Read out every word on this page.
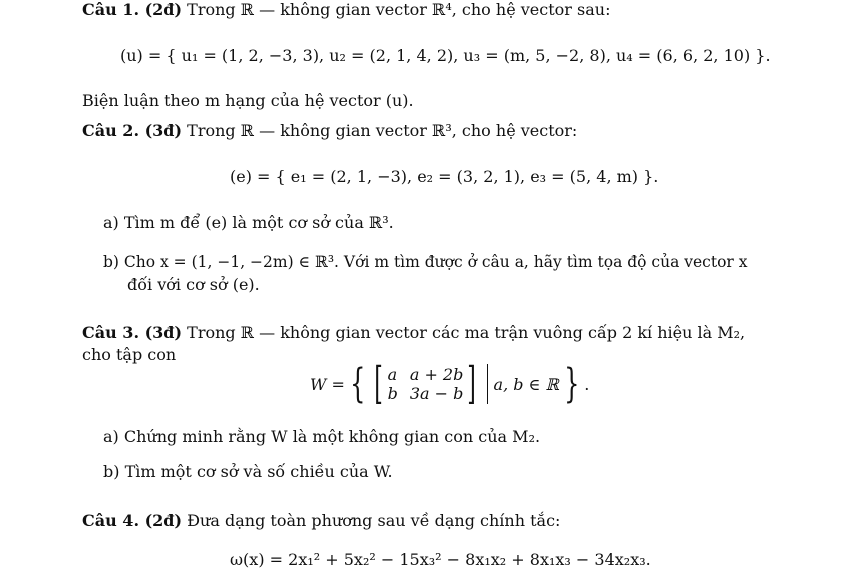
Câu 1. (2đ) Trong ℝ — không gian vector ℝ⁴, cho hệ vector sau:
(u) = { u₁ = (1, 2, −3, 3), u₂ = (2, 1, 4, 2), u₃ = (m, 5, −2, 8), u₄ = (6, 6, 2, 10) }.
Biện luận theo m hạng của hệ vector (u).
Câu 2. (3đ) Trong ℝ — không gian vector ℝ³, cho hệ vector:
(e) = { e₁ = (2, 1, −3), e₂ = (3, 2, 1), e₃ = (5, 4, m) }.
a) Tìm m để (e) là một cơ sở của ℝ³.
b) Cho x = (1, −1, −2m) ∈ ℝ³. Với m tìm được ở câu a, hãy tìm tọa độ của vector x
đối với cơ sở (e).
Câu 3. (3đ) Trong ℝ — không gian vector các ma trận vuông cấp 2 kí hiệu là M₂,
cho tập con
W = { [ a a + 2b
b 3a − b ] a, b ∈ ℝ } .
a) Chứng minh rằng W là một không gian con của M₂.
b) Tìm một cơ sở và số chiều của W.
Câu 4. (2đ) Đưa dạng toàn phương sau về dạng chính tắc:
ω(x) = 2x₁² + 5x₂² − 15x₃² − 8x₁x₂ + 8x₁x₃ − 34x₂x₃.
